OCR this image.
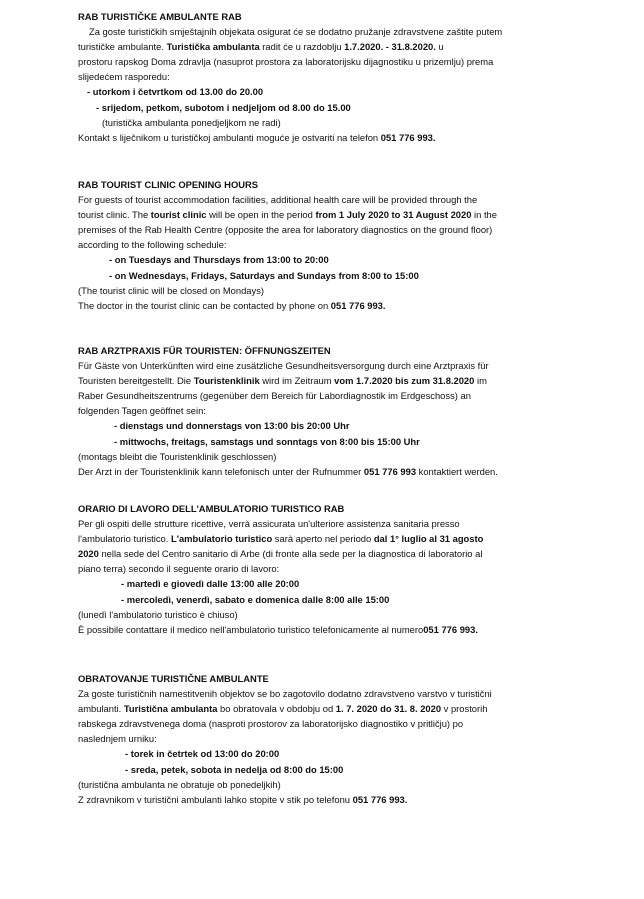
RAB TURISTIČKE AMBULANTE RAB
Za goste turističkih smještajnih objekata osigurat će se dodatno pružanje zdravstvene zaštite putem
turističke ambulante. Turistička ambulanta radit će u razdoblju 1.7.2020. - 31.8.2020. u
prostoru rapskog Doma zdravlja (nasuprot prostora za laboratorijsku dijagnostiku u prizemlju) prema
slijedećem rasporedu:
- utorkom i četvrtkom od 13.00 do 20.00
- srijedom, petkom, subotom i nedjeljom od 8.00 do 15.00
(turistička ambulanta ponedjeljkom ne radi)
Kontakt s liječnikom u turističkoj ambulanti moguće je ostvariti na telefon 051 776 993.
RAB TOURIST CLINIC OPENING HOURS
For guests of tourist accommodation facilities, additional health care will be provided through the
tourist clinic. The tourist clinic will be open in the period from 1 July 2020 to 31 August 2020 in the
premises of the Rab Health Centre (opposite the area for laboratory diagnostics on the ground floor)
according to the following schedule:
- on Tuesdays and Thursdays from 13:00 to 20:00
- on Wednesdays, Fridays, Saturdays and Sundays from 8:00 to 15:00
(The tourist clinic will be closed on Mondays)
The doctor in the tourist clinic can be contacted by phone on 051 776 993.
RAB ARZTPRAXIS FÜR TOURISTEN: ÖFFNUNGSZEITEN
Für Gäste von Unterkünften wird eine zusätzliche Gesundheitsversorgung durch eine Arztpraxis für
Touristen bereitgestellt. Die Touristenklinik wird im Zeitraum vom 1.7.2020 bis zum 31.8.2020 im
Raber Gesundheitszentrums (gegenüber dem Bereich für Labordiagnostik im Erdgeschoss) an
folgenden Tagen geöffnet sein:
- dienstags und donnerstags von 13:00 bis 20:00 Uhr
- mittwochs, freitags, samstags und sonntags von 8:00 bis 15:00 Uhr
(montags bleibt die Touristenklinik geschlossen)
Der Arzt in der Touristenklinik kann telefonisch unter der Rufnummer 051 776 993 kontaktiert werden.
ORARIO DI LAVORO DELL'AMBULATORIO TURISTICO RAB
Per gli ospiti delle strutture ricettive, verrà assicurata un'ulteriore assistenza sanitaria presso
l'ambulatorio turistico. L'ambulatorio turistico sarà aperto nel periodo dal 1° luglio al 31 agosto
2020 nella sede del Centro sanitario di Arbe (di fronte alla sede per la diagnostica di laboratorio al
piano terra) secondo il seguente orario di lavoro:
- martedì e giovedì dalle 13:00 alle 20:00
- mercoledì, venerdì, sabato e domenica dalle 8:00 alle 15:00
(lunedì l'ambulatorio turistico è chiuso)
È possibile contattare il medico nell'ambulatorio turistico telefonicamente al numero051 776 993.
OBRATOVANJE TURISTIČNE AMBULANTE
Za goste turističnih namestitvenih objektov se bo zagotovilo dodatno zdravstveno varstvo v turistični
ambulanti. Turistična ambulanta bo obratovala v obdobju od 1. 7. 2020 do 31. 8. 2020 v prostorih
rabskega zdravstvenega doma (nasproti prostorov za laboratorijsko diagnostiko v pritličju) po
naslednjem urniku:
- torek in četrtek od 13:00 do 20:00
- sreda, petek, sobota in nedelja od 8:00 do 15:00
(turistična ambulanta ne obratuje ob ponedeljkih)
Z zdravnikom v turistični ambulanti lahko stopite v stik po telefonu 051 776 993.
